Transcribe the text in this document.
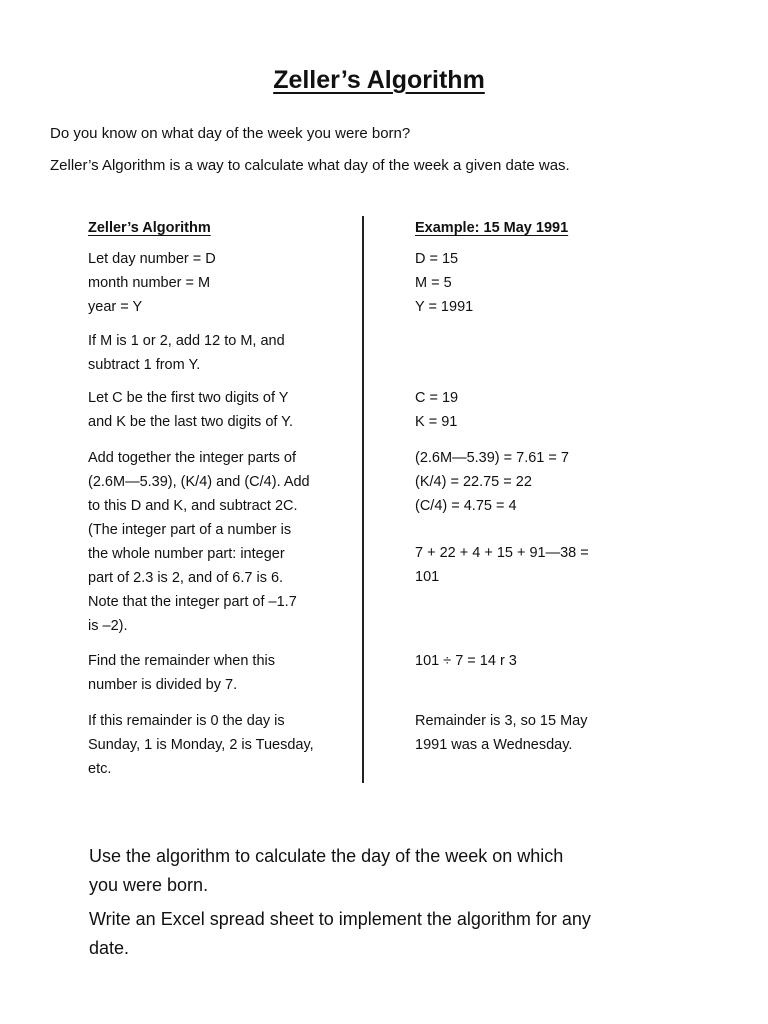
Zeller’s Algorithm
Do you know on what day of the week you were born?
Zeller’s Algorithm is a way to calculate what day of the week a given date was.
Zeller’s Algorithm	Example: 15 May 1991
Let day number = D
month number = M
year = Y
D = 15
M = 5
Y = 1991
If M is 1 or 2, add 12 to M, and
subtract 1 from Y.
Let C be the first two digits of Y
and K be the last two digits of Y.
C = 19
K = 91
Add together the integer parts of
(2.6M—5.39), (K/4) and (C/4). Add
to this D and K, and subtract 2C.
(The integer part of a number is
the whole number part: integer
part of 2.3 is 2, and of 6.7 is 6.
Note that the integer part of –1.7
is –2).
(2.6M—5.39) = 7.61 = 7
(K/4) = 22.75 = 22
(C/4) = 4.75 = 4
7 + 22 + 4 + 15 + 91—38 =
101
Find the remainder when this
number is divided by 7.
101 ÷ 7 = 14 r 3
If this remainder is 0 the day is
Sunday, 1 is Monday, 2 is Tuesday,
etc.
Remainder is 3, so 15 May
1991 was a Wednesday.
Use the algorithm to calculate the day of the week on which
you were born.
Write an Excel spread sheet to implement the algorithm for any
date.
